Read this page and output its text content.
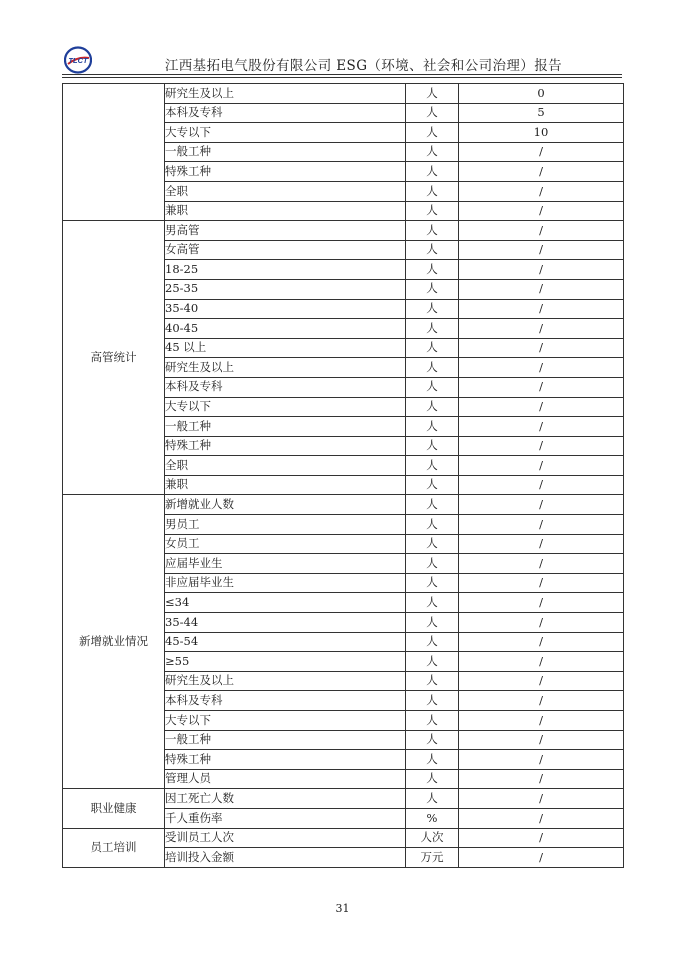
TLCT	江西基拓电气股份有限公司 ESG（环境、社会和公司治理）报告
	研究生及以上	人	0
	本科及专科	人	5
	大专以下	人	10
	一般工种	人	/
	特殊工种	人	/
	全职	人	/
	兼职	人	/
高管统计	男高管	人	/
	女高管	人	/
	18-25	人	/
	25-35	人	/
	35-40	人	/
	40-45	人	/
	45 以上	人	/
	研究生及以上	人	/
	本科及专科	人	/
	大专以下	人	/
	一般工种	人	/
	特殊工种	人	/
	全职	人	/
	兼职	人	/
新增就业情况	新增就业人数	人	/
	男员工	人	/
	女员工	人	/
	应届毕业生	人	/
	非应届毕业生	人	/
	≤34	人	/
	35-44	人	/
	45-54	人	/
	≥55	人	/
	研究生及以上	人	/
	本科及专科	人	/
	大专以下	人	/
	一般工种	人	/
	特殊工种	人	/
	管理人员	人	/
职业健康	因工死亡人数	人	/
	千人重伤率	%	/
员工培训	受训员工人次	人次	/
	培训投入金额	万元	/
31
